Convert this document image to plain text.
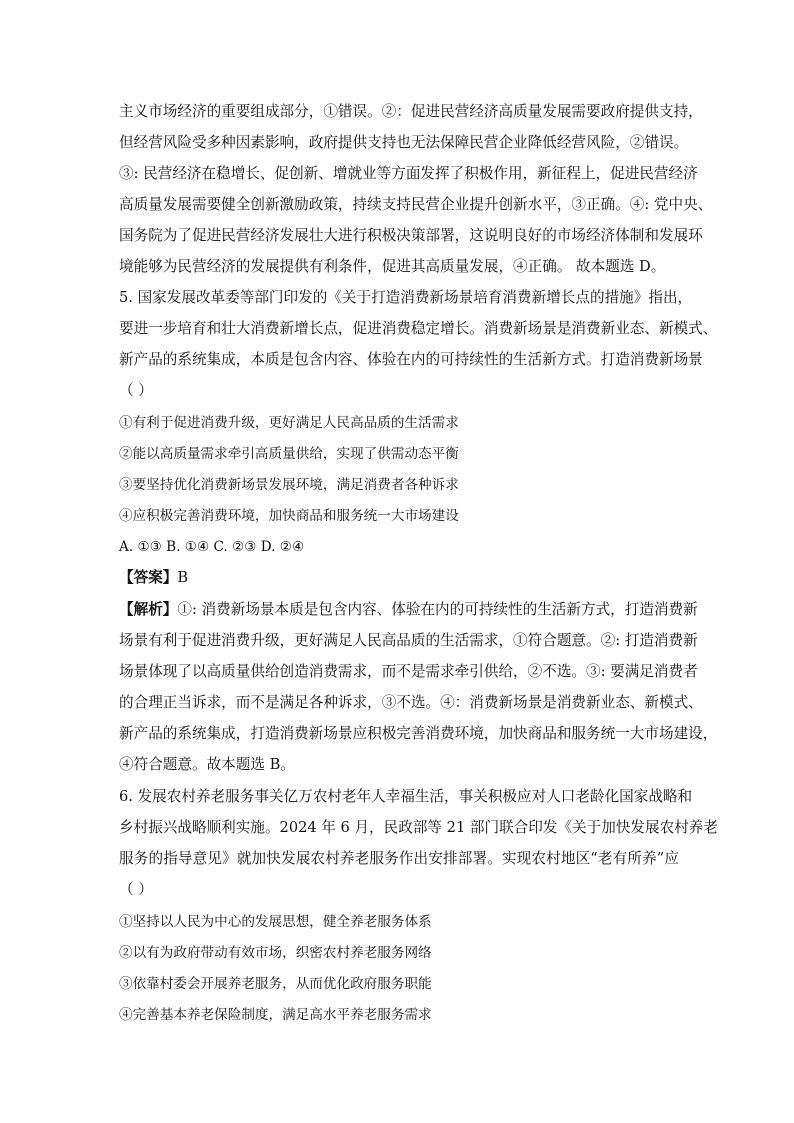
主义市场经济的重要组成部分，①错误。②：促进民营经济高质量发展需要政府提供支持，
但经营风险受多种因素影响，政府提供支持也无法保障民营企业降低经营风险，②错误。
③: 民营经济在稳增长、促创新、增就业等方面发挥了积极作用，新征程上，促进民营经济
高质量发展需要健全创新激励政策，持续支持民营企业提升创新水平，③正确。④: 党中央、
国务院为了促进民营经济发展壮大进行积极决策部署，这说明良好的市场经济体制和发展环
境能够为民营经济的发展提供有利条件，促进其高质量发展，④正确。 故本题选 D。
5. 国家发展改革委等部门印发的《关于打造消费新场景培育消费新增长点的措施》指出，
要进一步培育和壮大消费新增长点，促进消费稳定增长。消费新场景是消费新业态、新模式、
新产品的系统集成，本质是包含内容、体验在内的可持续性的生活新方式。打造消费新场景
（ ）
①有利于促进消费升级，更好满足人民高品质的生活需求
②能以高质量需求牵引高质量供给，实现了供需动态平衡
③要坚持优化消费新场景发展环境，满足消费者各种诉求
④应积极完善消费环境，加快商品和服务统一大市场建设
A. ①③ B. ①④ C. ②③ D. ②④
【答案】B
【解析】①: 消费新场景本质是包含内容、体验在内的可持续性的生活新方式，打造消费新
场景有利于促进消费升级，更好满足人民高品质的生活需求，①符合题意。②: 打造消费新
场景体现了以高质量供给创造消费需求，而不是需求牵引供给，②不选。③: 要满足消费者
的合理正当诉求，而不是满足各种诉求，③不选。④：消费新场景是消费新业态、新模式、
新产品的系统集成，打造消费新场景应积极完善消费环境，加快商品和服务统一大市场建设，
④符合题意。故本题选 B。
6. 发展农村养老服务事关亿万农村老年人幸福生活，事关积极应对人口老龄化国家战略和
乡村振兴战略顺利实施。2024 年 6 月，民政部等 21 部门联合印发《关于加快发展农村养老
服务的指导意见》就加快发展农村养老服务作出安排部署。实现农村地区“老有所养”应
（ ）
①坚持以人民为中心的发展思想，健全养老服务体系
②以有为政府带动有效市场，织密农村养老服务网络
③依靠村委会开展养老服务，从而优化政府服务职能
④完善基本养老保险制度，满足高水平养老服务需求
